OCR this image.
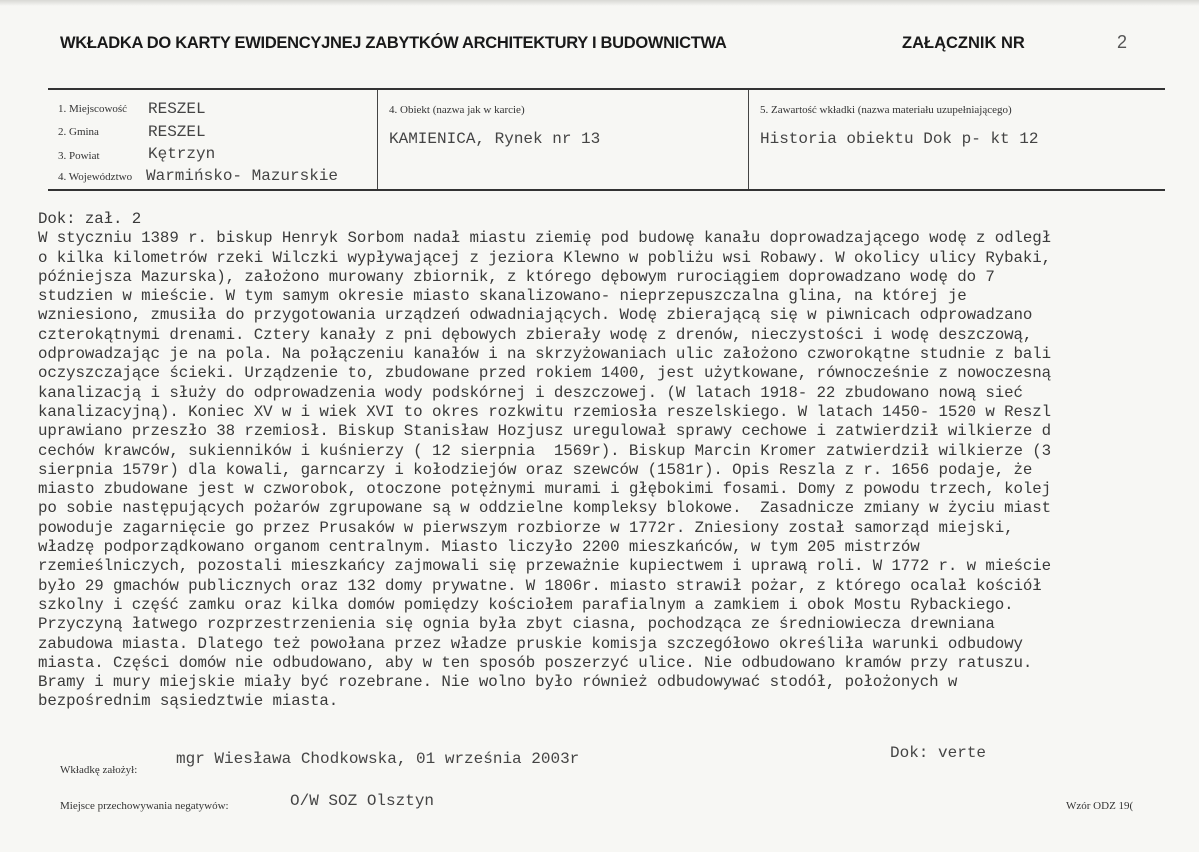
WKŁADKA DO KARTY EWIDENCYJNEJ ZABYTKÓW ARCHITEKTURY I BUDOWNICTWA	ZAŁĄCZNIK NR	2
1. Miejscowość RESZEL
2. Gmina	RESZEL
3. Powiat	Kętrzyn
4. Województwo Warmińsko- Mazurskie
4. Obiekt (nazwa jak w karcie)
KAMIENICA, Rynek nr 13
5. Zawartość wkładki (nazwa materiału uzupełniającego)
Historia obiektu Dok p- kt 12
Dok: zał. 2
W styczniu 1389 r. biskup Henryk Sorbom nadał miastu ziemię pod budowę kanału doprowadzającego wodę z odległ
o kilka kilometrów rzeki Wilczki wypływającej z jeziora Klewno w pobliżu wsi Robawy. W okolicy ulicy Rybaki,
późniejsza Mazurska), założono murowany zbiornik, z którego dębowym rurociągiem doprowadzano wodę do 7
studzien w mieście. W tym samym okresie miasto skanalizowano- nieprzepuszczalna glina, na której je
wzniesiono, zmusiła do przygotowania urządzeń odwadniających. Wodę zbierającą się w piwnicach odprowadzano
czterokątnymi drenami. Cztery kanały z pni dębowych zbierały wodę z drenów, nieczystości i wodę deszczową,
odprowadzając je na pola. Na połączeniu kanałów i na skrzyżowaniach ulic założono czworokątne studnie z bali
oczyszczające ścieki. Urządzenie to, zbudowane przed rokiem 1400, jest użytkowane, równocześnie z nowoczesną
kanalizacją i służy do odprowadzenia wody podskórnej i deszczowej. (W latach 1918- 22 zbudowano nową sieć
kanalizacyjną). Koniec XV w i wiek XVI to okres rozkwitu rzemiosła reszelskiego. W latach 1450- 1520 w Reszl
uprawiano przeszło 38 rzemiosł. Biskup Stanisław Hozjusz uregulował sprawy cechowe i zatwierdził wilkierze d
cechów krawców, sukienników i kuśnierzy ( 12 sierpnia  1569r). Biskup Marcin Kromer zatwierdził wilkierze (3
sierpnia 1579r) dla kowali, garncarzy i kołodziejów oraz szewców (1581r). Opis Reszla z r. 1656 podaje, że
miasto zbudowane jest w czworobok, otoczone potężnymi murami i głębokimi fosami. Domy z powodu trzech, kolej
po sobie następujących pożarów zgrupowane są w oddzielne kompleksy blokowe.  Zasadnicze zmiany w życiu miast
powoduje zagarnięcie go przez Prusaków w pierwszym rozbiorze w 1772r. Zniesiony został samorząd miejski,
władzę podporządkowano organom centralnym. Miasto liczyło 2200 mieszkańców, w tym 205 mistrzów
rzemieślniczych, pozostali mieszkańcy zajmowali się przeważnie kupiectwem i uprawą roli. W 1772 r. w mieście
było 29 gmachów publicznych oraz 132 domy prywatne. W 1806r. miasto strawił pożar, z którego ocalał kościół
szkolny i część zamku oraz kilka domów pomiędzy kościołem parafialnym a zamkiem i obok Mostu Rybackiego.
Przyczyną łatwego rozprzestrzenienia się ognia była zbyt ciasna, pochodząca ze średniowiecza drewniana
zabudowa miasta. Dlatego też powołana przez władze pruskie komisja szczegółowo określiła warunki odbudowy
miasta. Części domów nie odbudowano, aby w ten sposób poszerzyć ulice. Nie odbudowano kramów przy ratuszu.
Bramy i mury miejskie miały być rozebrane. Nie wolno było również odbudowywać stodół, położonych w
bezpośrednim sąsiedztwie miasta.
Wkładkę założył:
mgr Wiesława Chodkowska, 01 września 2003r	Dok: verte
Miejsce przechowywania negatywów:	O/W SOZ Olsztyn	Wzór ODZ 19(
